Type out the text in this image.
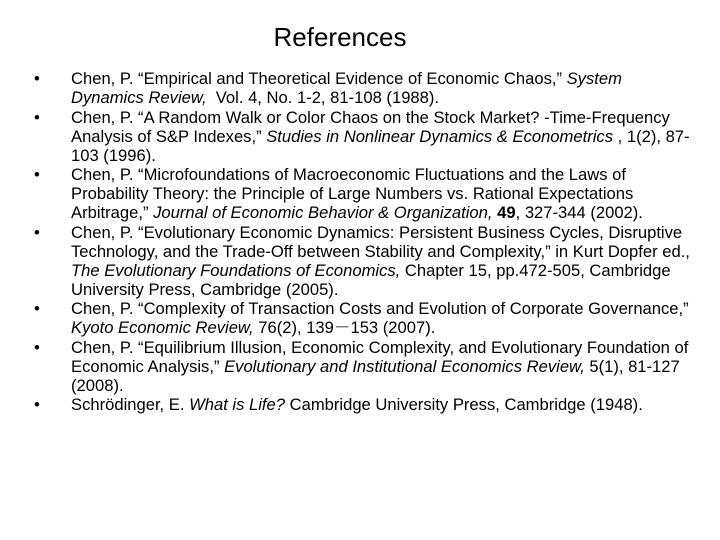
References
• Chen, P. “Empirical and Theoretical Evidence of Economic Chaos,” System Dynamics Review,  Vol. 4, No. 1-2, 81-108 (1988).
• Chen, P. “A Random Walk or Color Chaos on the Stock Market? -Time-Frequency Analysis of S&P Indexes,” Studies in Nonlinear Dynamics & Econometrics , 1(2), 87-103 (1996).
• Chen, P. “Microfoundations of Macroeconomic Fluctuations and the Laws of Probability Theory: the Principle of Large Numbers vs. Rational Expectations Arbitrage,” Journal of Economic Behavior & Organization, 49, 327-344 (2002).
• Chen, P. “Evolutionary Economic Dynamics: Persistent Business Cycles, Disruptive Technology, and the Trade-Off between Stability and Complexity,” in Kurt Dopfer ed., The Evolutionary Foundations of Economics, Chapter 15, pp.472-505, Cambridge University Press, Cambridge (2005).
• Chen, P. “Complexity of Transaction Costs and Evolution of Corporate Governance,” Kyoto Economic Review, 76(2), 139－153 (2007).
• Chen, P. “Equilibrium Illusion, Economic Complexity, and Evolutionary Foundation of Economic Analysis,” Evolutionary and Institutional Economics Review, 5(1), 81-127 (2008).
• Schrödinger, E. What is Life? Cambridge University Press, Cambridge (1948).
